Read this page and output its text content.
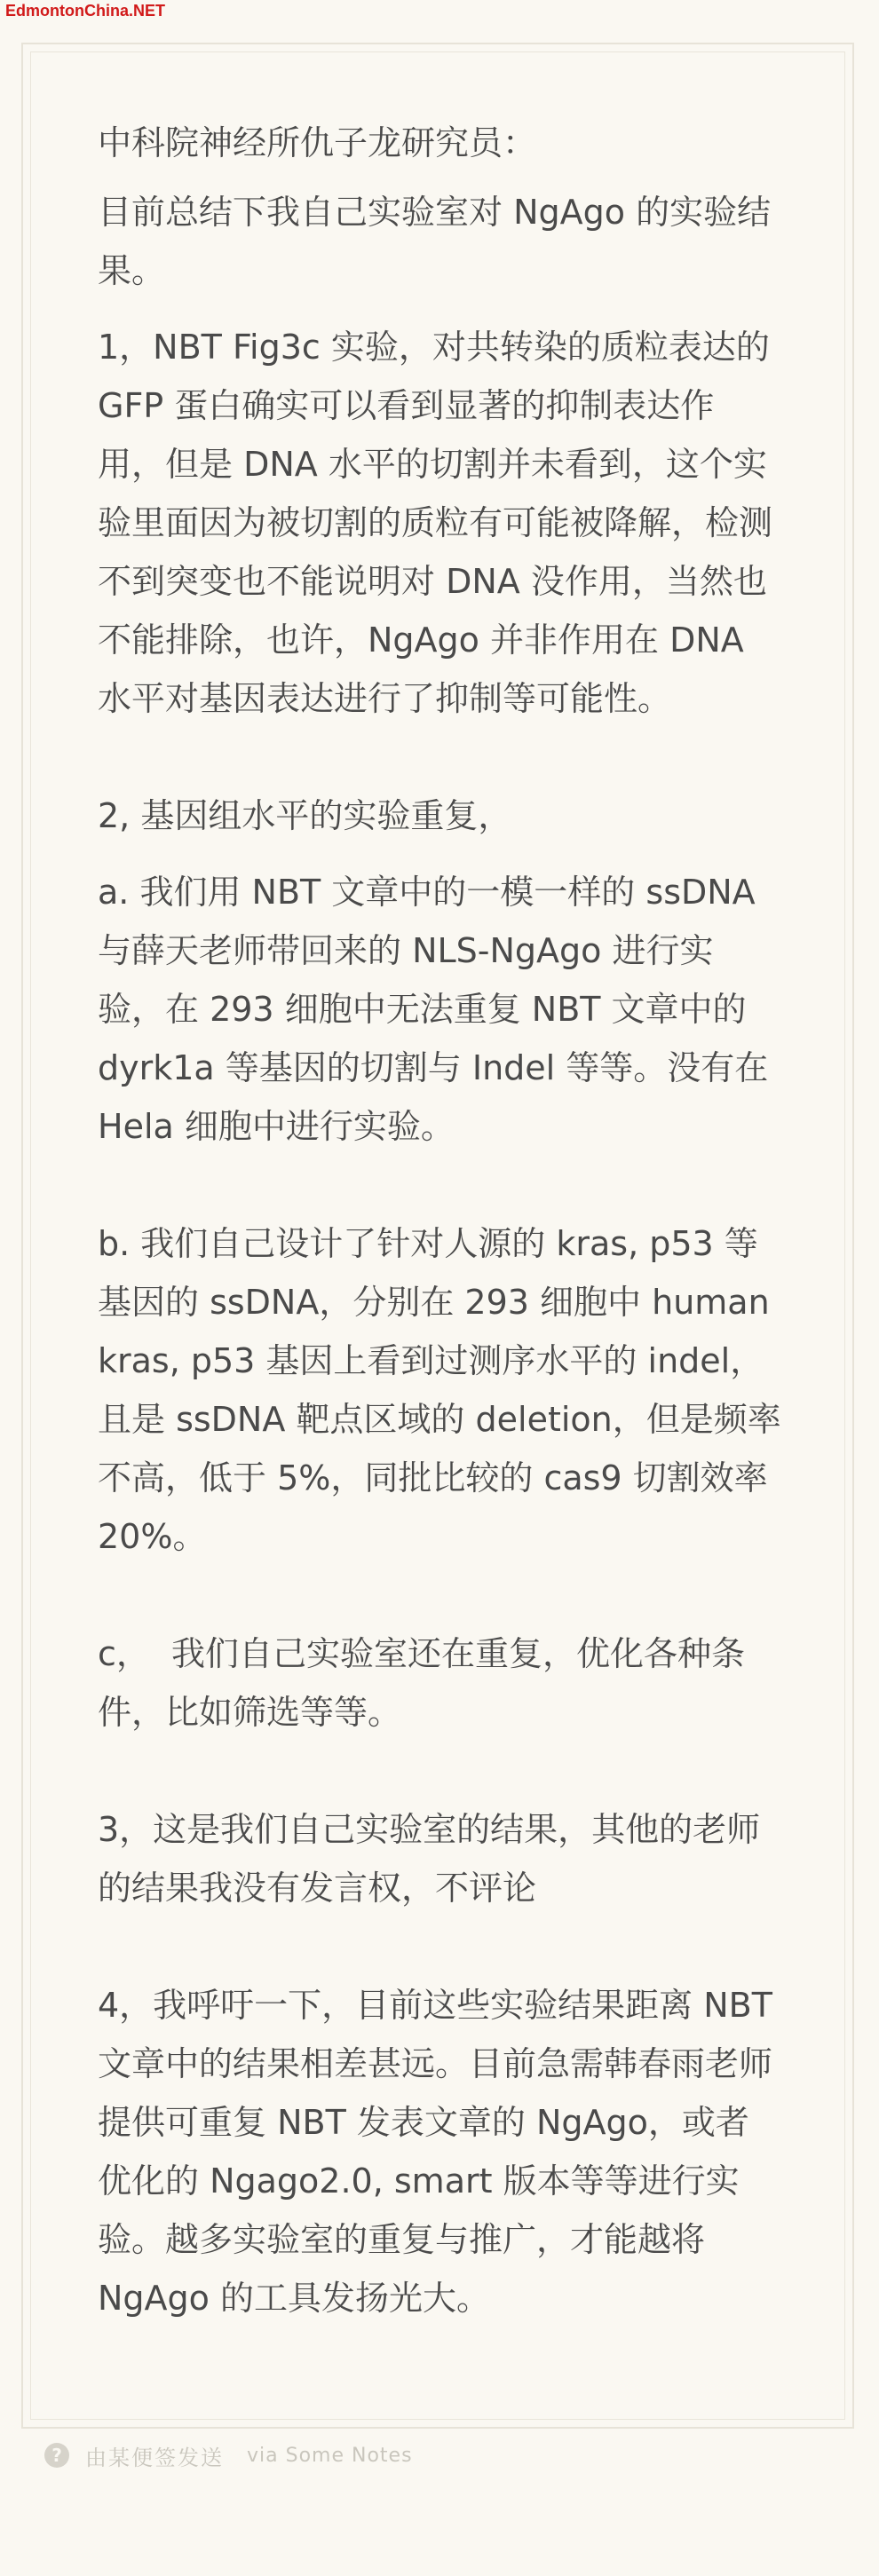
EdmontonChina.NET

中科院神经所仇子龙研究员：

目前总结下我自己实验室对 NgAgo 的实验结
果。

1，NBT Fig3c 实验，对共转染的质粒表达的
GFP 蛋白确实可以看到显著的抑制表达作
用，但是 DNA 水平的切割并未看到，这个实
验里面因为被切割的质粒有可能被降解，检测
不到突变也不能说明对 DNA 没作用，当然也
不能排除，也许，NgAgo 并非作用在 DNA
水平对基因表达进行了抑制等可能性。

2, 基因组水平的实验重复，

a. 我们用 NBT 文章中的一模一样的 ssDNA
与薛天老师带回来的 NLS-NgAgo 进行实
验，在 293 细胞中无法重复 NBT 文章中的
dyrk1a 等基因的切割与 Indel 等等。没有在
Hela 细胞中进行实验。

b. 我们自己设计了针对人源的 kras, p53 等
基因的 ssDNA，分别在 293 细胞中 human
kras, p53 基因上看到过测序水平的 indel，
且是 ssDNA 靶点区域的 deletion，但是频率
不高，低于 5%，同批比较的 cas9 切割效率
20%。

c，  我们自己实验室还在重复，优化各种条
件，比如筛选等等。

3，这是我们自己实验室的结果，其他的老师
的结果我没有发言权，不评论

4，我呼吁一下，目前这些实验结果距离 NBT
文章中的结果相差甚远。目前急需韩春雨老师
提供可重复 NBT 发表文章的 NgAgo，或者
优化的 Ngago2.0, smart 版本等等进行实
验。越多实验室的重复与推广，才能越将
NgAgo 的工具发扬光大。

?	由某便签发送 via Some Notes
